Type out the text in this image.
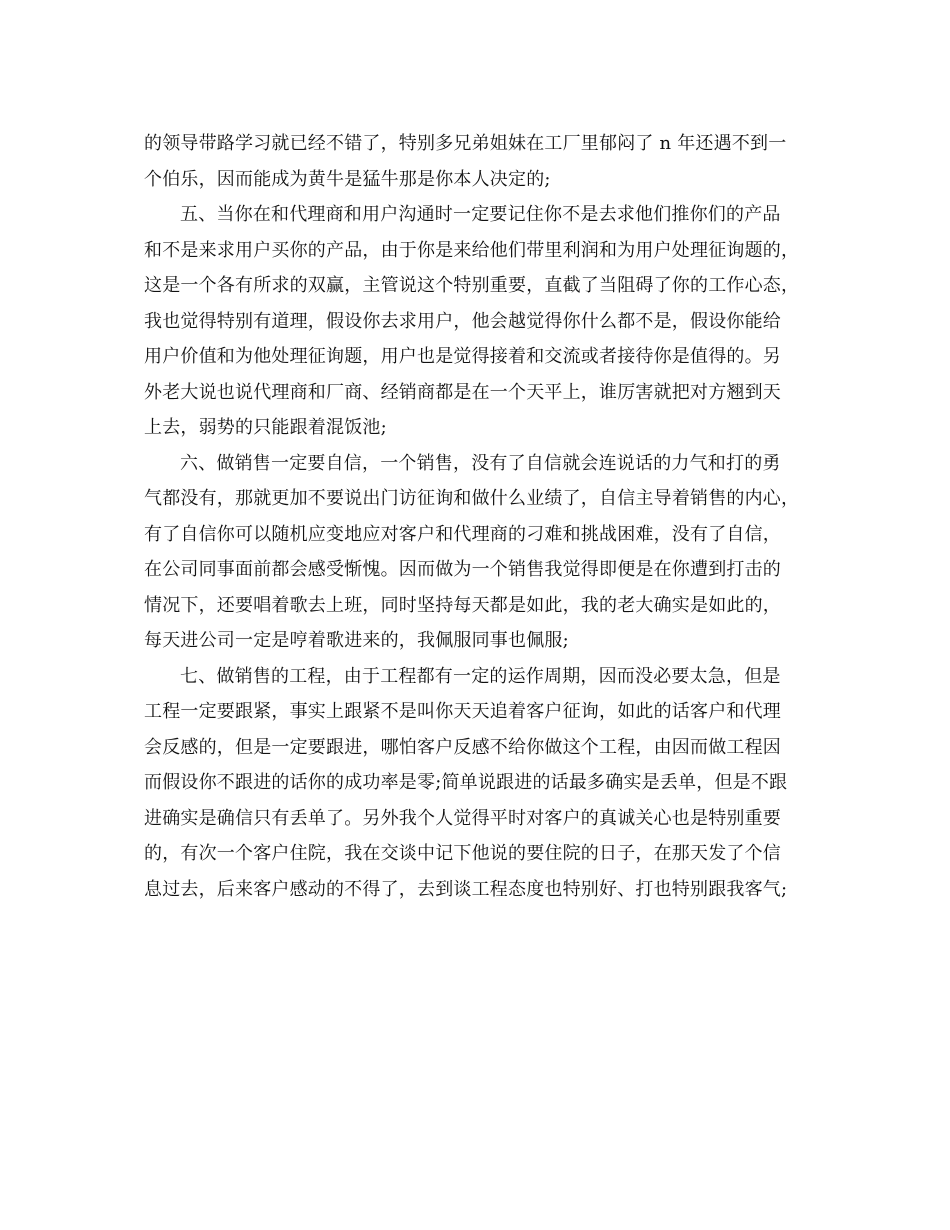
的领导带路学习就已经不错了，特别多兄弟姐妹在工厂里郁闷了 n 年还遇不到一
个伯乐，因而能成为黄牛是猛牛那是你本人决定的;

五、当你在和代理商和用户沟通时一定要记住你不是去求他们推你们的产品
和不是来求用户买你的产品，由于你是来给他们带里利润和为用户处理征询题的，
这是一个各有所求的双赢，主管说这个特别重要，直截了当阻碍了你的工作心态，
我也觉得特别有道理，假设你去求用户，他会越觉得你什么都不是，假设你能给
用户价值和为他处理征询题，用户也是觉得接着和交流或者接待你是值得的。另
外老大说也说代理商和厂商、经销商都是在一个天平上，谁厉害就把对方翘到天
上去，弱势的只能跟着混饭池;

六、做销售一定要自信，一个销售，没有了自信就会连说话的力气和打的勇
气都没有，那就更加不要说出门访征询和做什么业绩了，自信主导着销售的内心，
有了自信你可以随机应变地应对客户和代理商的刁难和挑战困难，没有了自信，
在公司同事面前都会感受惭愧。因而做为一个销售我觉得即便是在你遭到打击的
情况下，还要唱着歌去上班，同时坚持每天都是如此，我的老大确实是如此的，
每天进公司一定是哼着歌进来的，我佩服同事也佩服;

七、做销售的工程，由于工程都有一定的运作周期，因而没必要太急，但是
工程一定要跟紧，事实上跟紧不是叫你天天追着客户征询，如此的话客户和代理
会反感的，但是一定要跟进，哪怕客户反感不给你做这个工程，由因而做工程因
而假设你不跟进的话你的成功率是零;简单说跟进的话最多确实是丢单，但是不跟
进确实是确信只有丢单了。另外我个人觉得平时对客户的真诚关心也是特别重要
的，有次一个客户住院，我在交谈中记下他说的要住院的日子，在那天发了个信
息过去，后来客户感动的不得了，去到谈工程态度也特别好、打也特别跟我客气;
